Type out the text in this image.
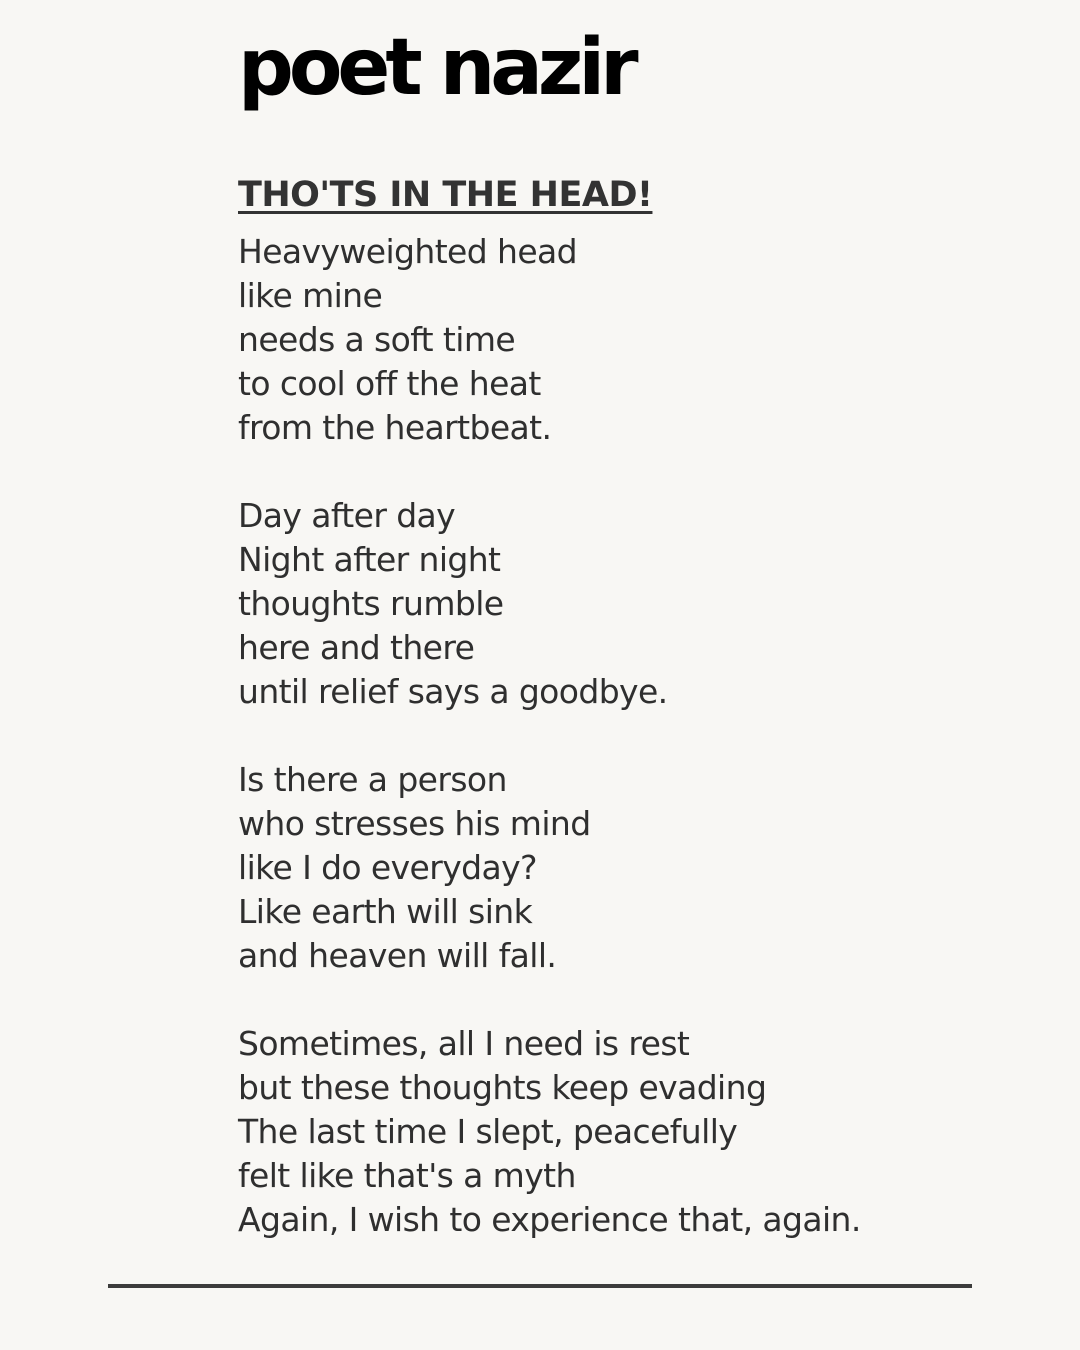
poet nazir
THO'TS IN THE HEAD!
Heavyweighted head
like mine
needs a soft time
to cool off the heat
from the heartbeat.
Day after day
Night after night
thoughts rumble
here and there
until relief says a goodbye.
Is there a person
who stresses his mind
like I do everyday?
Like earth will sink
and heaven will fall.
Sometimes, all I need is rest
but these thoughts keep evading
The last time I slept, peacefully
felt like that's a myth
Again, I wish to experience that, again.
